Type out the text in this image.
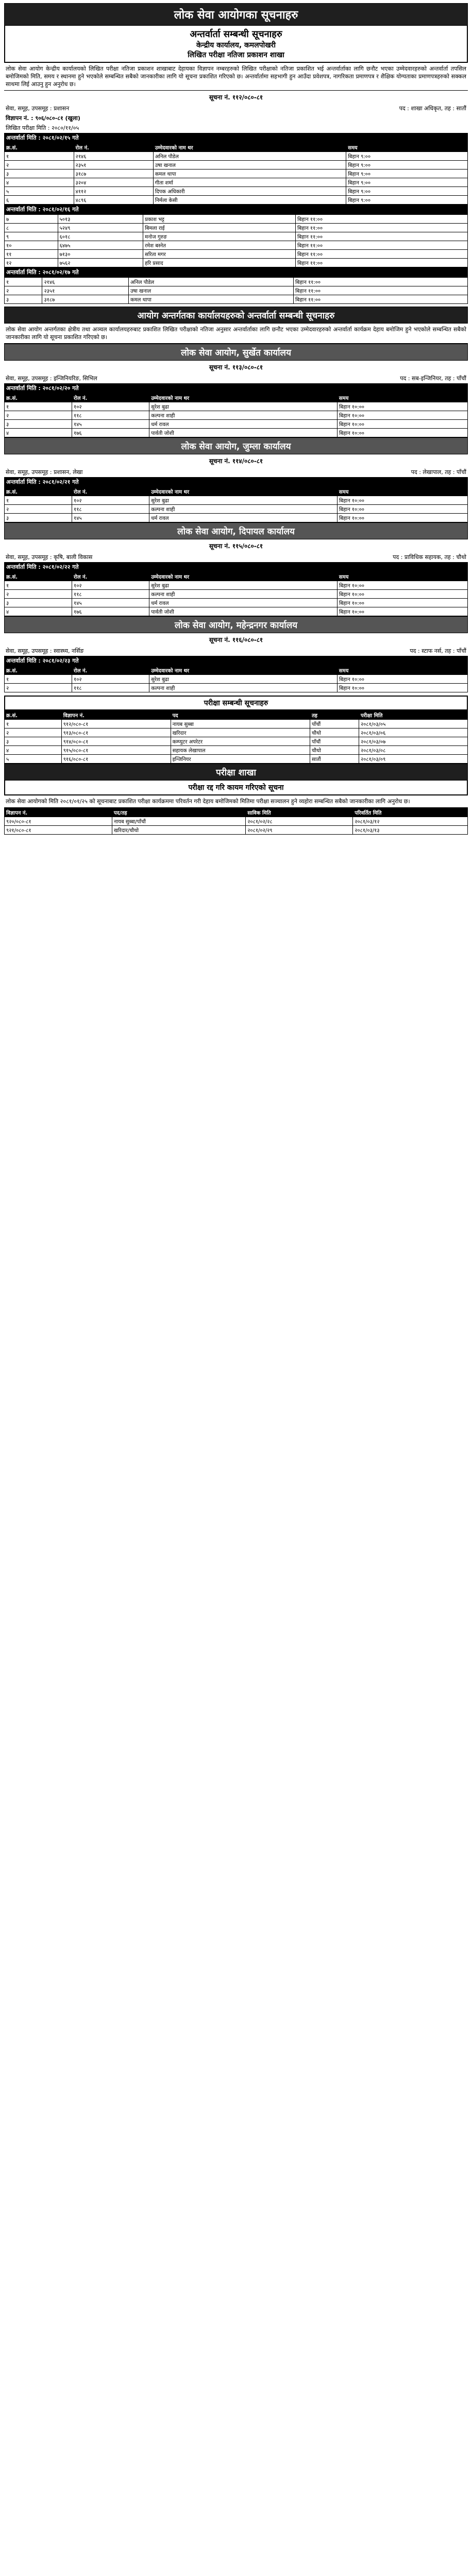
लोक सेवा आयोगका सूचनाहरु
अन्तर्वार्ता सम्बन्धी सूचनाहरु
केन्द्रीय कार्यालय, कमलपोखरी
लिखित परीक्षा नतिजा प्रकाशन शाखा
लोक सेवा आयोग केन्द्रीय कार्यालयको लिखित परीक्षा नतिजा प्रकाशन शाखाबाट देहायका विज्ञापन नम्बरहरुको लिखित परीक्षाको नतिजा प्रकाशित भई अन्तर्वार्ताका लागि छनौट भएका उम्मेदवारहरुको अन्तर्वार्ता तपसिल बमोजिमको मिति, समय र स्थानमा हुने भएकोले सम्बन्धित सबैको जानकारीका लागि यो सूचना प्रकाशित गरिएको छ। अन्तर्वार्तामा सहभागी हुन आउँदा प्रवेशपत्र, नागरिकता प्रमाणपत्र र शैक्षिक योग्यताका प्रमाणपत्रहरुको सक्कल साथमा लिई आउनु हुन अनुरोध छ।
सूचना नं. ११२/०८०-८१
सेवा, समूह, उपसमूह : प्रशासन	पद : शाखा अधिकृत, तह : सातौं
विज्ञापन नं. : ९०६/०८०-८१ (खुला)
लिखित परीक्षा मिति : २०८०/११/०५
अन्तर्वार्ता मिति : २०८१/०२/१५ गते
क्र.सं.	रोल नं.	उम्मेदवारको नाम थर	समय
१	२१४६	अनिल पौडेल	बिहान ९:००
२	२३५१	उषा खनाल	बिहान ९:००
३	३१८७	कमल थापा	बिहान ९:००
४	३२०४	गीता शर्मा	बिहान ९:००
५	४११२	दिपक अधिकारी	बिहान ९:००
६	४८९६	निर्मला केसी	बिहान ९:००
अन्तर्वार्ता मिति : २०८१/०२/१६ गते
७	५०१३	प्रकाश भट्ट	बिहान ११:००
८	५२४९	बिमला राई	बिहान ११:००
९	६०१८	मनोज गुरुङ	बिहान ११:००
१०	६४७५	रमेश बस्नेत	बिहान ११:००
११	७१३०	सरिता मगर	बिहान ११:००
१२	७५६२	हरि प्रसाद	बिहान ११:००
अन्तर्वार्ता मिति : २०८१/०२/१७ गते
१	२१४६	अनिल पौडेल	बिहान ११:००
२	२३५१	उषा खनाल	बिहान ११:००
३	३१८७	कमल थापा	बिहान ११:००
आयोग अन्तर्गतका कार्यालयहरुको अन्तर्वार्ता सम्बन्धी सूचनाहरु
लोक सेवा आयोग अन्तर्गतका क्षेत्रीय तथा अञ्चल कार्यालयहरुबाट प्रकाशित लिखित परीक्षाको नतिजा अनुसार अन्तर्वार्ताका लागि छनौट भएका उम्मेदवारहरुको अन्तर्वार्ता कार्यक्रम देहाय बमोजिम हुने भएकोले सम्बन्धित सबैको जानकारीका लागि यो सूचना प्रकाशित गरिएको छ।
लोक सेवा आयोग, सुर्खेत कार्यालय
सूचना नं. ११३/०८०-८१
सेवा, समूह, उपसमूह : इन्जिनियरिङ, सिभिल	पद : सब-इन्जिनियर, तह : पाँचौं
अन्तर्वार्ता मिति : २०८१/०२/२० गते
क्र.सं.	रोल नं.	उम्मेदवारको नाम थर	समय
१	१०२	सुरेश बुढा	बिहान १०:००
२	११८	कल्पना शाही	बिहान १०:००
३	१४५	धर्म रावल	बिहान १०:००
४	१७६	पार्वती जोशी	बिहान १०:००
लोक सेवा आयोग, जुम्ला कार्यालय
सूचना नं. ११४/०८०-८१
सेवा, समूह, उपसमूह : प्रशासन, लेखा	पद : लेखापाल, तह : पाँचौं
अन्तर्वार्ता मिति : २०८१/०२/२१ गते
क्र.सं.	रोल नं.	उम्मेदवारको नाम थर	समय
१	१०२	सुरेश बुढा	बिहान १०:००
२	११८	कल्पना शाही	बिहान १०:००
३	१४५	धर्म रावल	बिहान १०:००
लोक सेवा आयोग, दिपायल कार्यालय
सूचना नं. ११५/०८०-८१
सेवा, समूह, उपसमूह : कृषि, बाली विकास	पद : प्राविधिक सहायक, तह : चौथो
अन्तर्वार्ता मिति : २०८१/०२/२२ गते
क्र.सं.	रोल नं.	उम्मेदवारको नाम थर	समय
१	१०२	सुरेश बुढा	बिहान १०:००
२	११८	कल्पना शाही	बिहान १०:००
३	१४५	धर्म रावल	बिहान १०:००
४	१७६	पार्वती जोशी	बिहान १०:००
लोक सेवा आयोग, महेन्द्रनगर कार्यालय
सूचना नं. ११६/०८०-८१
सेवा, समूह, उपसमूह : स्वास्थ्य, नर्सिङ	पद : स्टाफ नर्स, तह : पाँचौं
अन्तर्वार्ता मिति : २०८१/०२/२३ गते
क्र.सं.	रोल नं.	उम्मेदवारको नाम थर	समय
१	१०२	सुरेश बुढा	बिहान १०:००
२	११८	कल्पना शाही	बिहान १०:००
परीक्षा सम्बन्धी सूचनाहरु
क्र.सं.	विज्ञापन नं.	पद	तह	परीक्षा मिति
१	९१२/०८०-८१	नायब सुब्बा	पाँचौं	२०८१/०३/०५
२	९१३/०८०-८१	खरिदार	चौथो	२०८१/०३/०६
३	९१४/०८०-८१	कम्प्युटर अपरेटर	पाँचौं	२०८१/०३/०७
४	९१५/०८०-८१	सहायक लेखापाल	चौथो	२०८१/०३/०८
५	९१६/०८०-८१	इन्जिनियर	सातौं	२०८१/०३/०९
परीक्षा शाखा
परीक्षा रद्द गरि कायम गरिएको सूचना
लोक सेवा आयोगको मिति २०८१/०१/२५ को सूचनाबाट प्रकाशित परीक्षा कार्यक्रममा परिवर्तन गरी देहाय बमोजिमको मितिमा परीक्षा सञ्चालन हुने व्यहोरा सम्बन्धित सबैको जानकारीका लागि अनुरोध छ।
विज्ञापन नं.	पद/तह	साविक मिति	परिवर्तित मिति
९२०/०८०-८१	नायब सुब्बा/पाँचौं	२०८१/०२/२८	२०८१/०३/१२
९२१/०८०-८१	खरिदार/चौथो	२०८१/०२/२९	२०८१/०३/१३
